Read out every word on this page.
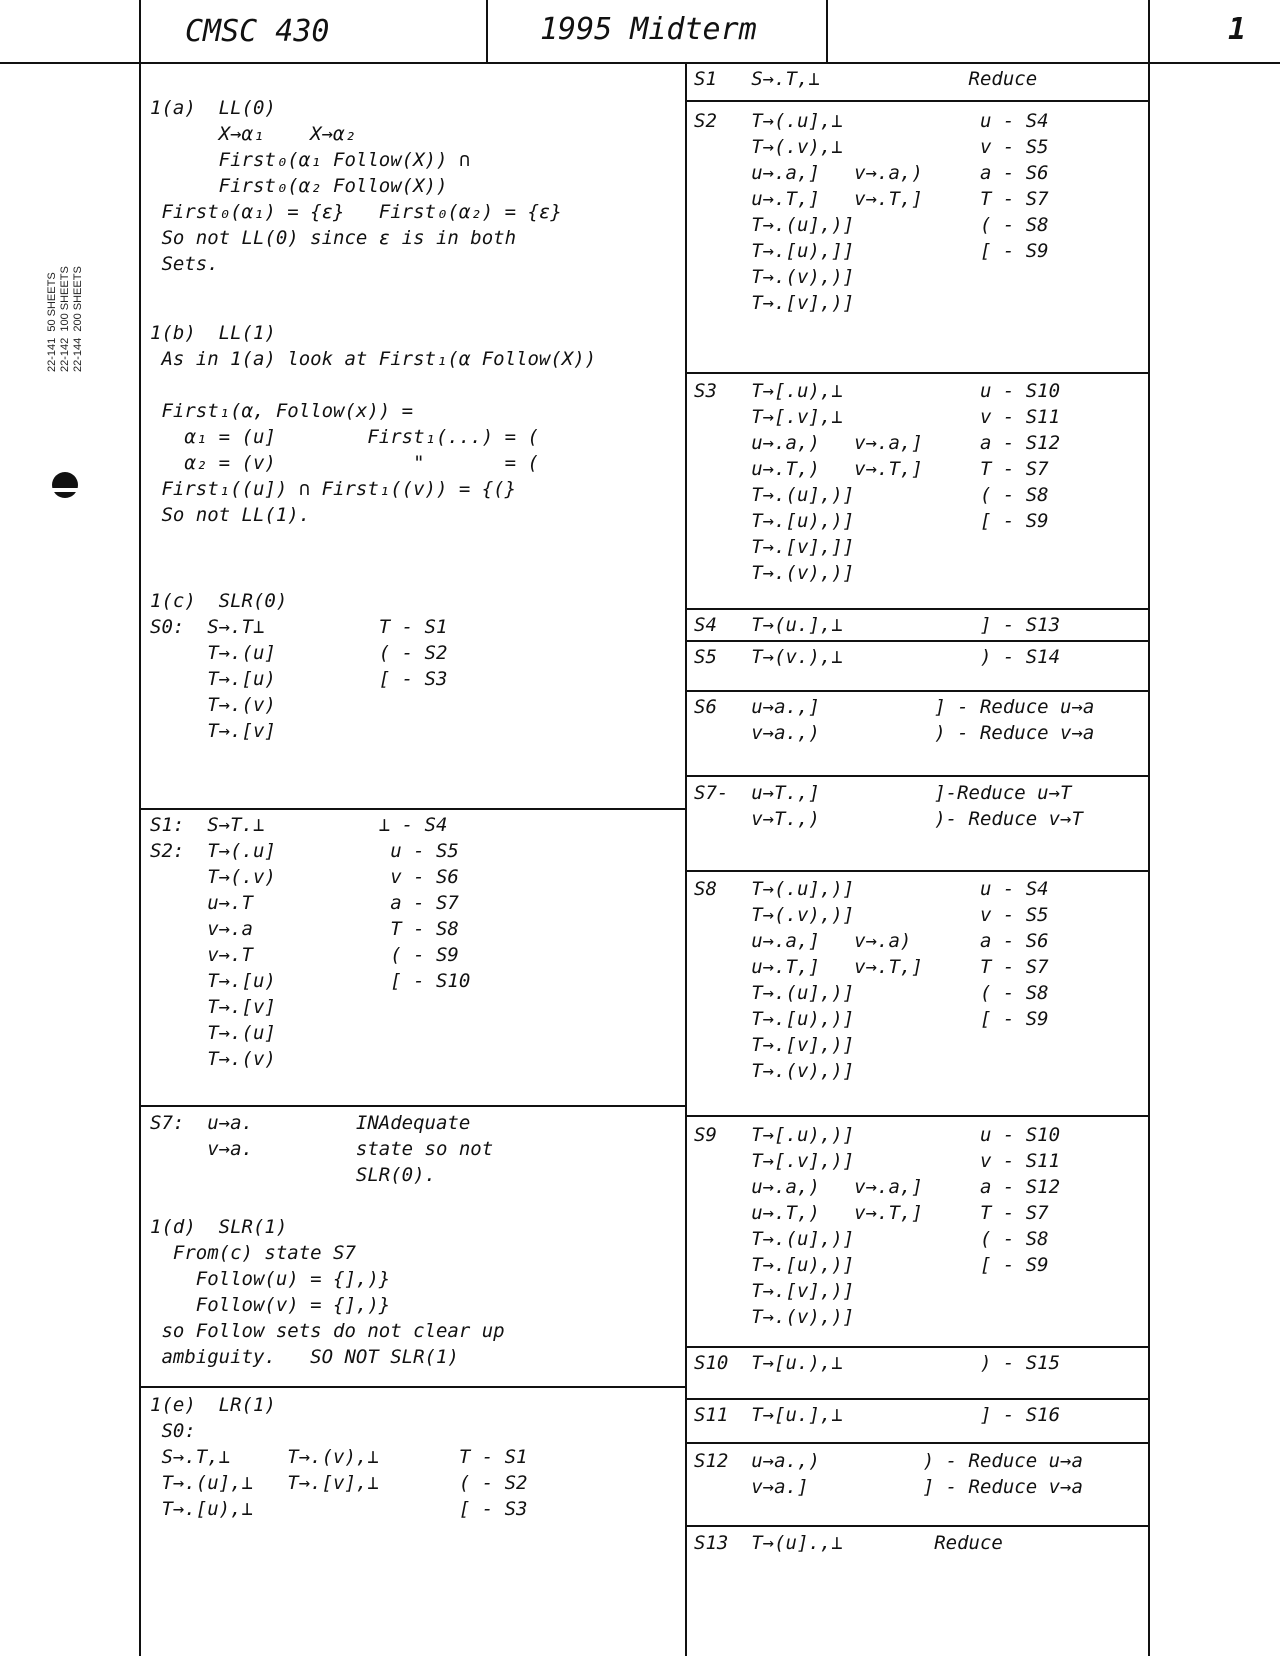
CMSC 430	1995 Midterm	1
22-141  50 SHEETS
22-142  100 SHEETS
22-144  200 SHEETS
1(a)  LL(0)
X→α₁    X→α₂
First₀(α₁ Follow(X)) ∩
First₀(α₂ Follow(X))
First₀(α₁) = {ε}   First₀(α₂) = {ε}
So not LL(0) since ε is in both
Sets.
1(b)  LL(1)
As in 1(a) look at First₁(α Follow(X))
First₁(α, Follow(x)) =
α₁ = (u]        First₁(...) = (
α₂ = (v)            "       = (
First₁((u]) ∩ First₁((v)) = {(}
So not LL(1).
1(c)  SLR(0)
S0:  S→.T⊥          T - S1
T→.(u]         ( - S2
T→.[u)         [ - S3
T→.(v)
T→.[v]
S1:  S→T.⊥          ⊥ - S4
S2:  T→(.u]          u - S5
T→(.v)          v - S6
u→.T            a - S7
v→.a            T - S8
v→.T            ( - S9
T→.[u)          [ - S10
T→.[v]
T→.(u]
T→.(v)
S7:  u→a.         INAdequate
v→a.         state so not
SLR(0).
1(d)  SLR(1)
From(c) state S7
Follow(u) = {],)}
Follow(v) = {],)}
so Follow sets do not clear up
ambiguity.   SO NOT SLR(1)
1(e)  LR(1)
S0:
S→.T,⊥     T→.(v),⊥       T - S1
T→.(u],⊥   T→.[v],⊥       ( - S2
T→.[u),⊥                  [ - S3
S1   S→.T,⊥             Reduce
S2   T→(.u],⊥            u - S4
T→(.v),⊥            v - S5
u→.a,]   v→.a,)     a - S6
u→.T,]   v→.T,]     T - S7
T→.(u],)]           ( - S8
T→.[u),]]           [ - S9
T→.(v),)]
T→.[v],)]
S3   T→[.u),⊥            u - S10
T→[.v],⊥            v - S11
u→.a,)   v→.a,]     a - S12
u→.T,)   v→.T,]     T - S7
T→.(u],)]           ( - S8
T→.[u),)]           [ - S9
T→.[v],]]
T→.(v),)]
S4   T→(u.],⊥            ] - S13
S5   T→(v.),⊥            ) - S14
S6   u→a.,]          ] - Reduce u→a
v→a.,)          ) - Reduce v→a
S7-  u→T.,]          ]-Reduce u→T
v→T.,)          )- Reduce v→T
S8   T→(.u],)]           u - S4
T→(.v),)]           v - S5
u→.a,]   v→.a)      a - S6
u→.T,]   v→.T,]     T - S7
T→.(u],)]           ( - S8
T→.[u),)]           [ - S9
T→.[v],)]
T→.(v),)]
S9   T→[.u),)]           u - S10
T→[.v],)]           v - S11
u→.a,)   v→.a,]     a - S12
u→.T,)   v→.T,]     T - S7
T→.(u],)]           ( - S8
T→.[u),)]           [ - S9
T→.[v],)]
T→.(v),)]
S10  T→[u.),⊥            ) - S15
S11  T→[u.],⊥            ] - S16
S12  u→a.,)         ) - Reduce u→a
v→a.]          ] - Reduce v→a
S13  T→(u].,⊥        Reduce
